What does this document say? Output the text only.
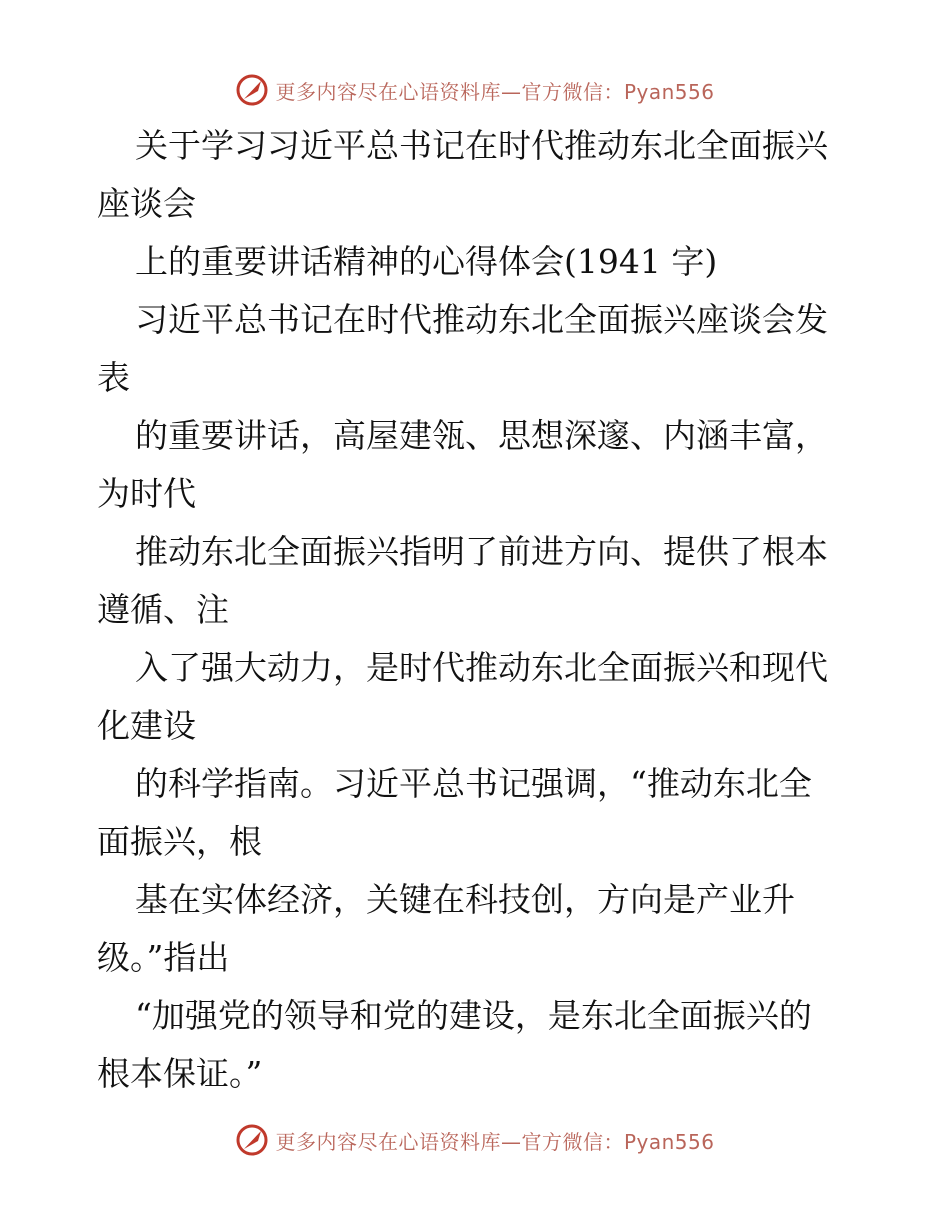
更多内容尽在心语资料库—官方微信：Pyan556
关于学习习近平总书记在时代推动东北全面振兴
座谈会
上的重要讲话精神的心得体会(1941 字)
习近平总书记在时代推动东北全面振兴座谈会发
表
的重要讲话，高屋建瓴、思想深邃、内涵丰富，
为时代
推动东北全面振兴指明了前进方向、提供了根本
遵循、注
入了强大动力，是时代推动东北全面振兴和现代
化建设
的科学指南。习近平总书记强调，“推动东北全
面振兴，根
基在实体经济，关键在科技创，方向是产业升
级。”指出
“加强党的领导和党的建设，是东北全面振兴的
根本保证。”
更多内容尽在心语资料库—官方微信：Pyan556
